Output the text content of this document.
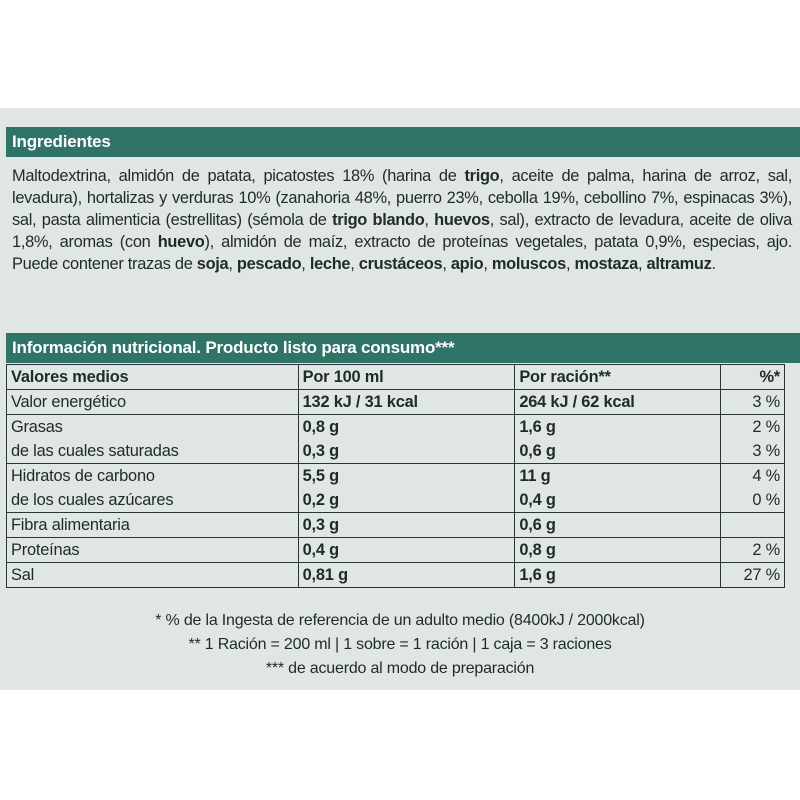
Ingredientes

Maltodextrina, almidón de patata, picatostes 18% (harina de trigo, aceite de palma, harina de arroz, sal, levadura), hortalizas y verduras 10% (zanahoria 48%, puerro 23%, cebolla 19%, cebollino 7%, espinacas 3%), sal, pasta alimenticia (estrellitas) (sémola de trigo blando, huevos, sal), extracto de levadura, aceite de oliva 1,8%, aromas (con huevo), almidón de maíz, extracto de proteínas vegetales, patata 0,9%, especias, ajo. Puede contener trazas de soja, pescado, leche, crustáceos, apio, moluscos, mostaza, altramuz.

Información nutricional. Producto listo para consumo***
Valores medios	Por 100 ml	Por ración**	%*
Valor energético	132 kJ / 31 kcal	264 kJ / 62 kcal	3 %
Grasas	0,8 g	1,6 g	2 %
de las cuales saturadas	0,3 g	0,6 g	3 %
Hidratos de carbono	5,5 g	11 g	4 %
de los cuales azúcares	0,2 g	0,4 g	0 %
Fibra alimentaria	0,3 g	0,6 g	
Proteínas	0,4 g	0,8 g	2 %
Sal	0,81 g	1,6 g	27 %
* % de la Ingesta de referencia de un adulto medio (8400kJ / 2000kcal)
** 1 Ración = 200 ml | 1 sobre = 1 ración | 1 caja = 3 raciones
*** de acuerdo al modo de preparación
